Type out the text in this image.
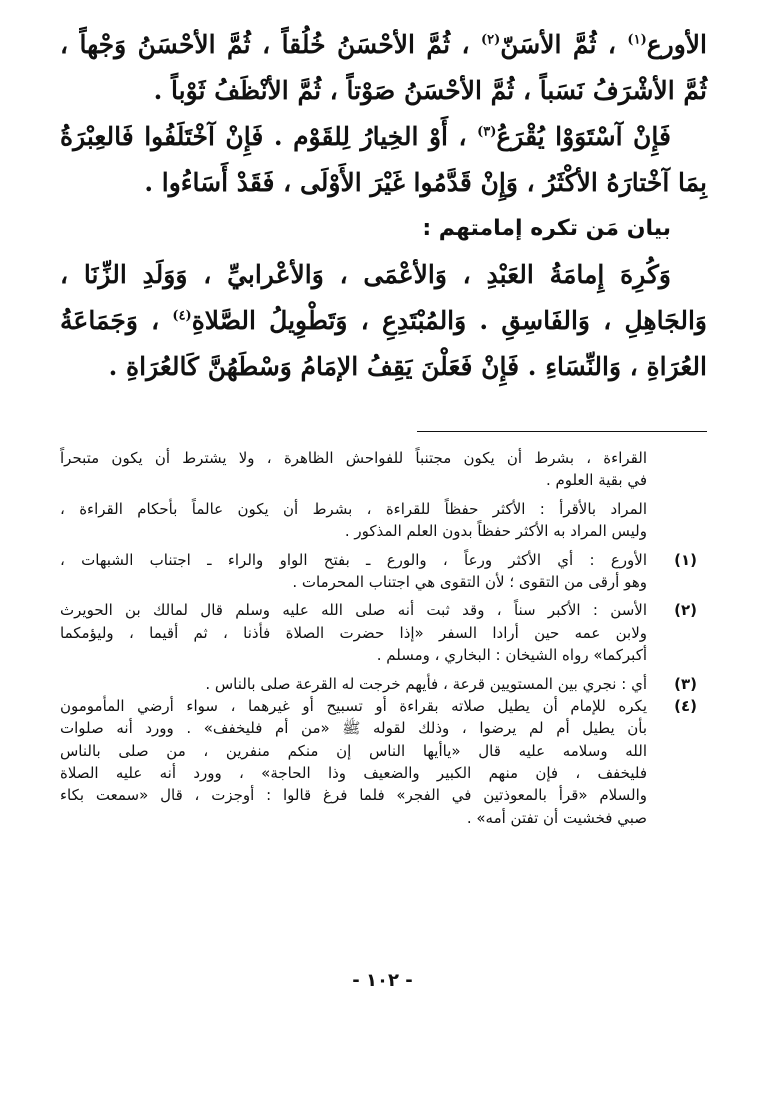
الأورع$^{(١)}$ ، ثُمَّ الأسَنّ$^{(٢)}$ ، ثُمَّ الأحْسَنُ خُلُقاً ، ثُمَّ الأحْسَنُ وَجْهاً ،
ثُمَّ الأشْرَفُ نَسَباً ، ثُمَّ الأحْسَنُ صَوْتاً ، ثُمَّ الأنْظَفُ ثَوْباً .
فَإِنْ آسْتَوَوْا يُقْرَعُ$^{(٣)}$ ، أَوْ الخِيارُ لِلقَوْم . فَإِنْ آخْتَلَفُوا فَالعِبْرَةُ
بِمَا آخْتارَهُ الأكْثَرُ ، وَإِنْ قَدَّمُوا غَيْرَ الأَوْلَى ، فَقَدْ أَسَاءُوا .
بيان مَن تكره إمامتهم :
وَكُرِهَ إِمامَةُ العَبْدِ ، وَالأعْمَى ، وَالأعْرابيِّ ، وَوَلَدِ الزِّنَا ،
وَالجَاهِلِ ، وَالفَاسِقِ . وَالمُبْتَدِعِ ، وَتَطْوِيلُ الصَّلاةِ$^{(٤)}$ ، وَجَمَاعَةُ
العُرَاةِ ، وَالنِّسَاءِ . فَإِنْ فَعَلْنَ يَقِفُ الإمَامُ وَسْطَهُنَّ كَالعُرَاةِ .
القراءة ، بشرط أن يكون مجتنباً للفواحش الظاهرة ، ولا يشترط أن يكون متبحراً
في بقية العلوم .
المراد بالأقرأ : الأكثر حفظاً للقراءة ، بشرط أن يكون عالماً بأحكام القراءة ،
وليس المراد به الأكثر حفظاً بدون العلم المذكور .
(١)
الأورع : أي الأكثر ورعاً ، والورع ـ بفتح الواو والراء ـ اجتناب الشبهات ،
وهو أرقى من التقوى ؛ لأن التقوى هي اجتناب المحرمات .
(٢)
الأسن : الأكبر سناً ، وقد ثبت أنه صلى الله عليه وسلم قال لمالك بن الحويرث
ولابن عمه حين أرادا السفر «إذا حضرت الصلاة فأذنا ، ثم أقيما ، وليؤمكما
أكبركما» رواه الشيخان : البخاري ، ومسلم .
(٣)
أي : نجري بين المستويين قرعة ، فأيهم خرجت له القرعة صلى بالناس .
(٤)
يكره للإمام أن يطيل صلاته بقراءة أو تسبيح أو غيرهما ، سواء أرضي المأمومون
بأن يطيل أم لم يرضوا ، وذلك لقوله ﷺ «من أم فليخفف» . وورد أنه صلوات
الله وسلامه عليه قال «ياأيها الناس إن منكم منفرين ، من صلى بالناس
فليخفف ، فإن منهم الكبير والضعيف وذا الحاجة» ، وورد أنه عليه الصلاة
والسلام «قرأ بالمعوذتين في الفجر» فلما فرغ قالوا : أوجزت ، قال «سمعت بكاء
صبي فخشيت أن تفتن أمه» .
- ١٠٢ -
